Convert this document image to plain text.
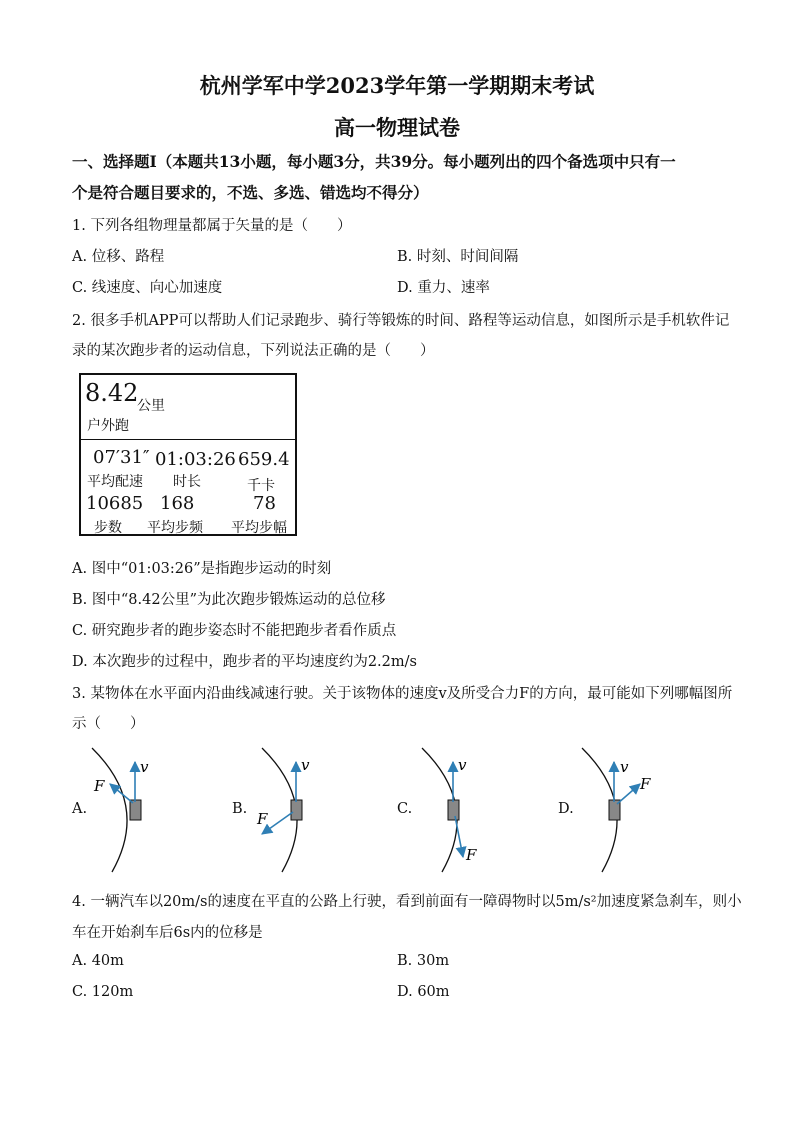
杭州学军中学2023学年第一学期期末考试
高一物理试卷
一、选择题Ⅰ（本题共13小题，每小题3分，共39分。每小题列出的四个备选项中只有一
个是符合题目要求的，不选、多选、错选均不得分）
1. 下列各组物理量都属于矢量的是（　　）
A. 位移、路程	B. 时刻、时间间隔
C. 线速度、向心加速度	D. 重力、速率
2. 很多手机APP可以帮助人们记录跑步、骑行等锻炼的时间、路程等运动信息，如图所示是手机软件记
录的某次跑步者的运动信息，下列说法正确的是（　　）
8.42
公里
户外跑
07′31″ 01:03:26 659.4
平均配速 时长	千卡
10685 168	78
步数 平均步频 平均步幅
A. 图中“01:03:26”是指跑步运动的时刻
B. 图中“8.42公里”为此次跑步锻炼运动的总位移
C. 研究跑步者的跑步姿态时不能把跑步者看作质点
D. 本次跑步的过程中，跑步者的平均速度约为2.2m/s
3. 某物体在水平面内沿曲线减速行驶。关于该物体的速度v及所受合力F的方向，最可能如下列哪幅图所
示（　　）
A.	B.	C.	D.
v
F
v
F
v
F
v
F
4. 一辆汽车以20m/s的速度在平直的公路上行驶，看到前面有一障碍物时以5m/s²加速度紧急刹车，则小
车在开始刹车后6s内的位移是
A. 40m	B. 30m
C. 120m	D. 60m
